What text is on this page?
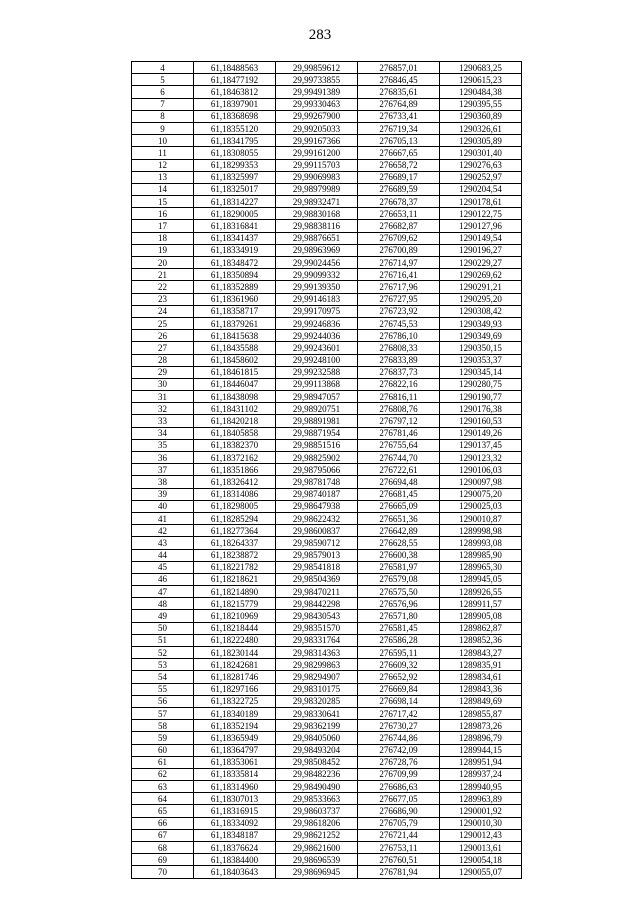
283
4	61,18488563	29,99859612	276857,01	1290683,25
5	61,18477192	29,99733855	276846,45	1290615,23
6	61,18463812	29,99491389	276835,61	1290484,38
7	61,18397901	29,99330463	276764,89	1290395,55
8	61,18368698	29,99267900	276733,41	1290360,89
9	61,18355120	29,99205033	276719,34	1290326,61
10	61,18341795	29,99167366	276705,13	1290305,89
11	61,18308055	29,99161200	276667,65	1290301,40
12	61,18299353	29,99115703	276658,72	1290276,63
13	61,18325997	29,99069983	276689,17	1290252,97
14	61,18325017	29,98979989	276689,59	1290204,54
15	61,18314227	29,98932471	276678,37	1290178,61
16	61,18290005	29,98830168	276653,11	1290122,75
17	61,18316841	29,98838116	276682,87	1290127,96
18	61,18341437	29,98876651	276709,62	1290149,54
19	61,18334919	29,98963969	276700,89	1290196,27
20	61,18348472	29,99024456	276714,97	1290229,27
21	61,18350894	29,99099332	276716,41	1290269,62
22	61,18352889	29,99139350	276717,96	1290291,21
23	61,18361960	29,99146183	276727,95	1290295,20
24	61,18358717	29,99170975	276723,92	1290308,42
25	61,18379261	29,99246836	276745,53	1290349,93
26	61,18415638	29,99244036	276786,10	1290349,69
27	61,18435588	29,99243601	276808,33	1290350,15
28	61,18458602	29,99248100	276833,89	1290353,37
29	61,18461815	29,99232588	276837,73	1290345,14
30	61,18446047	29,99113868	276822,16	1290280,75
31	61,18438098	29,98947057	276816,11	1290190,77
32	61,18431102	29,98920751	276808,76	1290176,38
33	61,18420218	29,98891981	276797,12	1290160,53
34	61,18405858	29,98871954	276781,46	1290149,26
35	61,18382370	29,98851516	276755,64	1290137,45
36	61,18372162	29,98825902	276744,70	1290123,32
37	61,18351866	29,98795066	276722,61	1290106,03
38	61,18326412	29,98781748	276694,48	1290097,98
39	61,18314086	29,98740187	276681,45	1290075,20
40	61,18298005	29,98647938	276665,09	1290025,03
41	61,18285294	29,98622432	276651,36	1290010,87
42	61,18277364	29,98600837	276642,89	1289998,98
43	61,18264337	29,98590712	276628,55	1289993,08
44	61,18238872	29,98579013	276600,38	1289985,90
45	61,18221782	29,98541818	276581,97	1289965,30
46	61,18218621	29,98504369	276579,08	1289945,05
47	61,18214890	29,98470211	276575,50	1289926,55
48	61,18215779	29,98442298	276576,96	1289911,57
49	61,18210969	29,98430543	276571,80	1289905,08
50	61,18218444	29,98351570	276581,45	1289862,87
51	61,18222480	29,98331764	276586,28	1289852,36
52	61,18230144	29,98314363	276595,11	1289843,27
53	61,18242681	29,98299863	276609,32	1289835,91
54	61,18281746	29,98294907	276652,92	1289834,61
55	61,18297166	29,98310175	276669,84	1289843,36
56	61,18322725	29,98320285	276698,14	1289849,69
57	61,18340189	29,98330641	276717,42	1289855,87
58	61,18352194	29,98362199	276730,27	1289873,26
59	61,18365949	29,98405060	276744,86	1289896,79
60	61,18364797	29,98493204	276742,09	1289944,15
61	61,18353061	29,98508452	276728,76	1289951,94
62	61,18335814	29,98482236	276709,99	1289937,24
63	61,18314960	29,98490490	276686,63	1289940,95
64	61,18307013	29,98533663	276677,05	1289963,89
65	61,18316915	29,98603737	276686,90	1290001,92
66	61,18334092	29,98618206	276705,79	1290010,30
67	61,18348187	29,98621252	276721,44	1290012,43
68	61,18376624	29,98621600	276753,11	1290013,61
69	61,18384400	29,98696539	276760,51	1290054,18
70	61,18403643	29,98696945	276781,94	1290055,07
